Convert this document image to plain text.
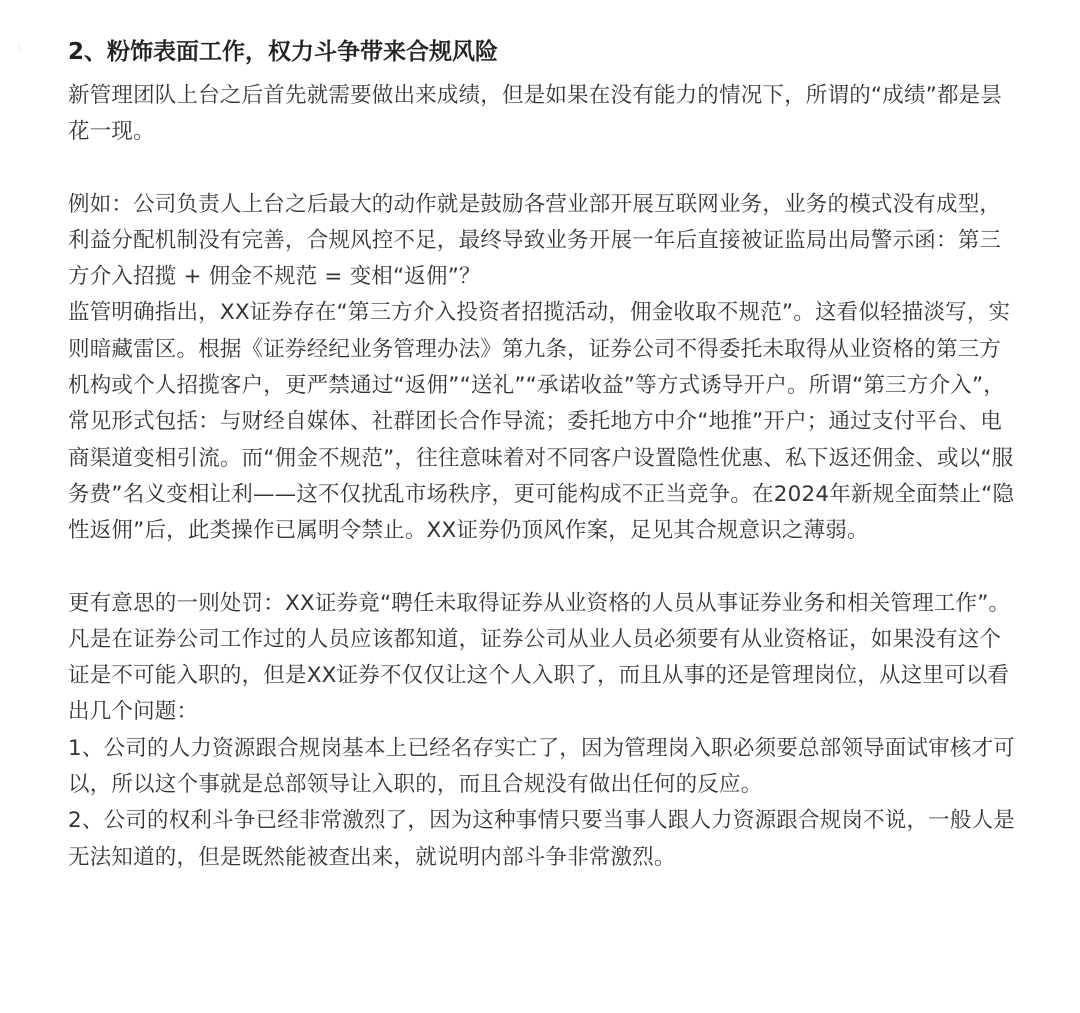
⁝ 2、粉饰表面工作，权力斗争带来合规风险

新管理团队上台之后首先就需要做出来成绩，但是如果在没有能力的情况下，所谓的“成绩”都是昙花一现。

例如：公司负责人上台之后最大的动作就是鼓励各营业部开展互联网业务，业务的模式没有成型，利益分配机制没有完善，合规风控不足，最终导致业务开展一年后直接被证监局出局警示函：第三方介入招揽 + 佣金不规范 = 变相“返佣”？

监管明确指出，XX证券存在“第三方介入投资者招揽活动，佣金收取不规范”。这看似轻描淡写，实则暗藏雷区。根据《证券经纪业务管理办法》第九条，证券公司不得委托未取得从业资格的第三方机构或个人招揽客户，更严禁通过“返佣”“送礼”“承诺收益”等方式诱导开户。所谓“第三方介入”，常见形式包括：与财经自媒体、社群团长合作导流；委托地方中介“地推”开户；通过支付平台、电商渠道变相引流。而“佣金不规范”，往往意味着对不同客户设置隐性优惠、私下返还佣金、或以“服务费”名义变相让利——这不仅扰乱市场秩序，更可能构成不正当竞争。在2024年新规全面禁止“隐性返佣”后，此类操作已属明令禁止。XX证券仍顶风作案，足见其合规意识之薄弱。

更有意思的一则处罚：XX证券竟“聘任未取得证券从业资格的人员从事证券业务和相关管理工作”。

凡是在证券公司工作过的人员应该都知道，证券公司从业人员必须要有从业资格证，如果没有这个证是不可能入职的，但是XX证券不仅仅让这个人入职了，而且从事的还是管理岗位，从这里可以看出几个问题：

1、公司的人力资源跟合规岗基本上已经名存实亡了，因为管理岗入职必须要总部领导面试审核才可以，所以这个事就是总部领导让入职的，而且合规没有做出任何的反应。

2、公司的权利斗争已经非常激烈了，因为这种事情只要当事人跟人力资源跟合规岗不说，一般人是无法知道的，但是既然能被查出来，就说明内部斗争非常激烈。
